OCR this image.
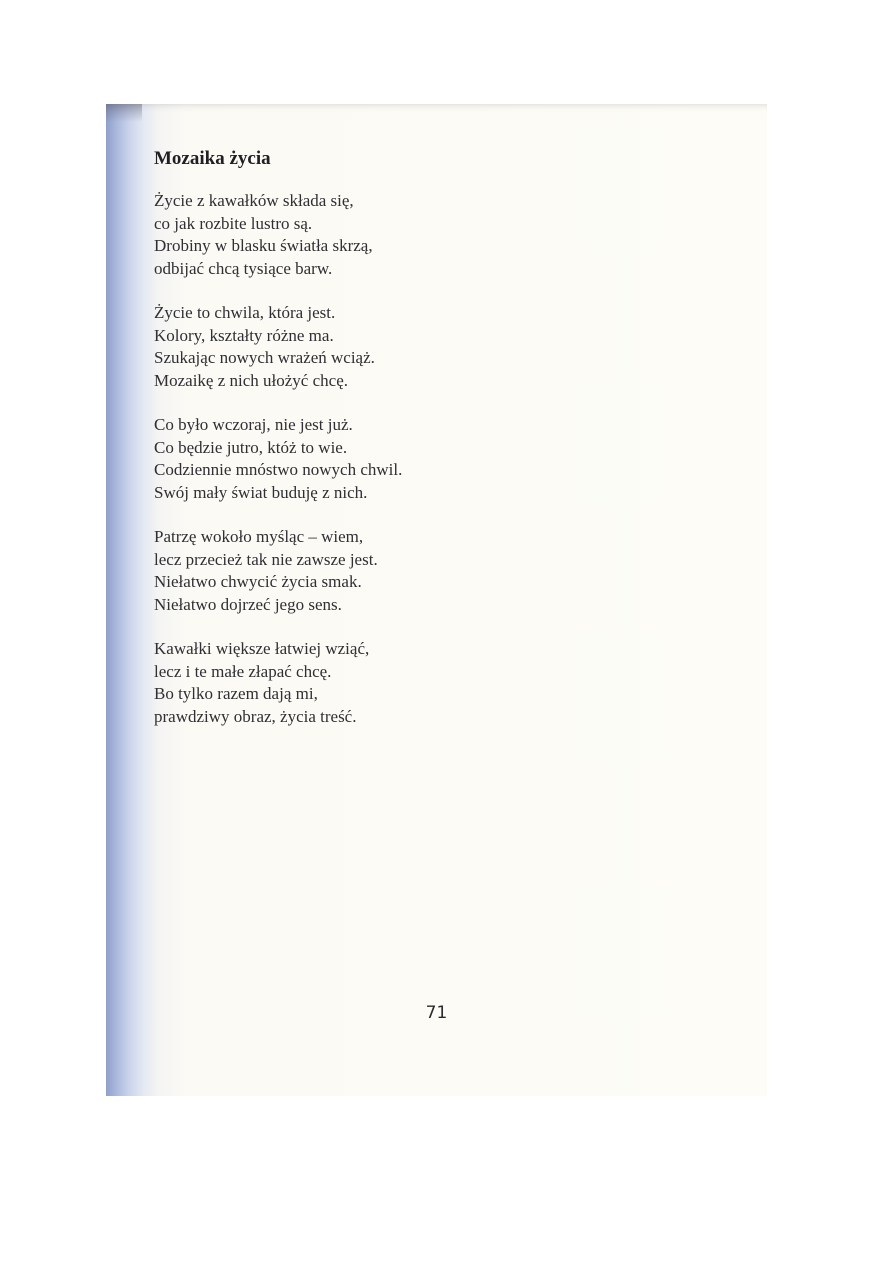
Mozaika życia
Życie z kawałków składa się,
co jak rozbite lustro są.
Drobiny w blasku światła skrzą,
odbijać chcą tysiące barw.
Życie to chwila, która jest.
Kolory, kształty różne ma.
Szukając nowych wrażeń wciąż.
Mozaikę z nich ułożyć chcę.
Co było wczoraj, nie jest już.
Co będzie jutro, któż to wie.
Codziennie mnóstwo nowych chwil.
Swój mały świat buduję z nich.
Patrzę wokoło myśląc – wiem,
lecz przecież tak nie zawsze jest.
Niełatwo chwycić życia smak.
Niełatwo dojrzeć jego sens.
Kawałki większe łatwiej wziąć,
lecz i te małe złapać chcę.
Bo tylko razem dają mi,
prawdziwy obraz, życia treść.
71
